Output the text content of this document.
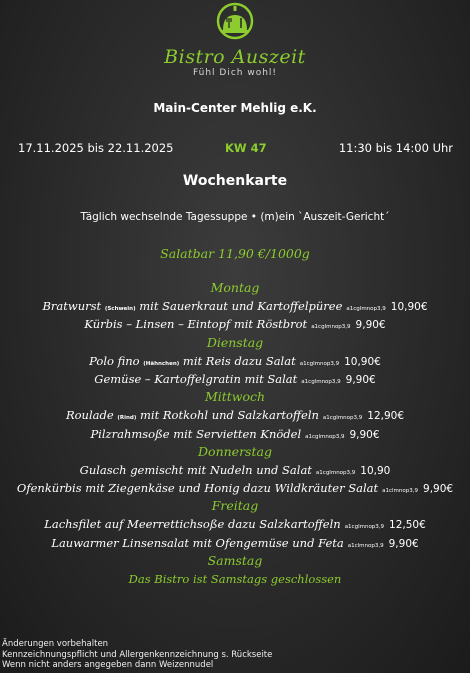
Bistro Auszeit
Fühl Dich wohl!
Main-Center Mehlig e.K.
17.11.2025 bis 22.11.2025	KW 47	11:30 bis 14:00 Uhr
Wochenkarte
Täglich wechselnde Tagessuppe • (m)ein `Auszeit-Gericht´
Salatbar 11,90 €/1000g
Montag
Bratwurst (Schwein) mit Sauerkraut und Kartoffelpüree a1cglmnop3,9 10,90€
Kürbis – Linsen – Eintopf mit Röstbrot a1cglmnop3,9 9,90€
Dienstag
Polo fino (Hähnchen) mit Reis dazu Salat a1cglmnop3,9 10,90€
Gemüse – Kartoffelgratin mit Salat a1cglmnop3,9 9,90€
Mittwoch
Roulade (Rind) mit Rotkohl und Salzkartoffeln a1cglmnop3,9 12,90€
Pilzrahmsoße mit Servietten Knödel a1cglmnop3,9 9,90€
Donnerstag
Gulasch gemischt mit Nudeln und Salat a1cglmnop3,9 10,90
Ofenkürbis mit Ziegenkäse und Honig dazu Wildkräuter Salat a1clmnop3,9 9,90€
Freitag
Lachsfilet auf Meerrettichsoße dazu Salzkartoffeln a1cglmnop3,9 12,50€
Lauwarmer Linsensalat mit Ofengemüse und Feta a1clmnop3,9 9,90€
Samstag
Das Bistro ist Samstags geschlossen
Änderungen vorbehalten
Kennzeichnungspflicht und Allergenkennzeichnung s. Rückseite
Wenn nicht anders angegeben dann Weizennudel
